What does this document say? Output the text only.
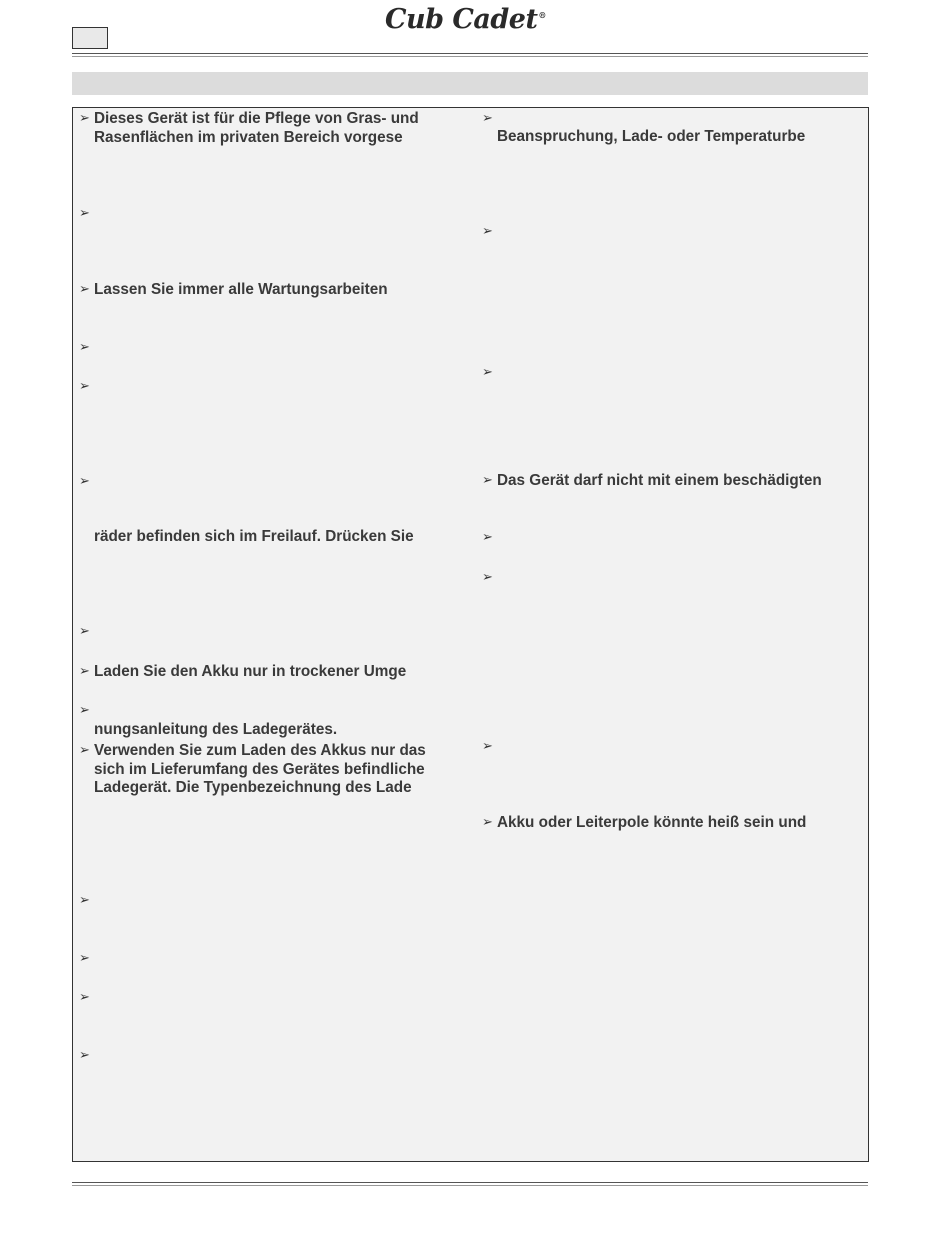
Cub Cadet®
➢ Dieses Gerät ist für die Pflege von Gras- und
Rasenflächen im privaten Bereich vorgese
➢
➢ Lassen Sie immer alle Wartungsarbeiten
➢
➢
➢
räder befinden sich im Freilauf. Drücken Sie
➢
➢ Laden Sie den Akku nur in trockener Umge
➢
nungsanleitung des Ladegerätes.
➢ Verwenden Sie zum Laden des Akkus nur das
sich im Lieferumfang des Gerätes befindliche
Ladegerät. Die Typenbezeichnung des Lade
➢
➢
➢
➢
➢
Beanspruchung, Lade- oder Temperaturbe
➢
➢
➢ Das Gerät darf nicht mit einem beschädigten
➢
➢
➢
➢ Akku oder Leiterpole könnte heiß sein und
